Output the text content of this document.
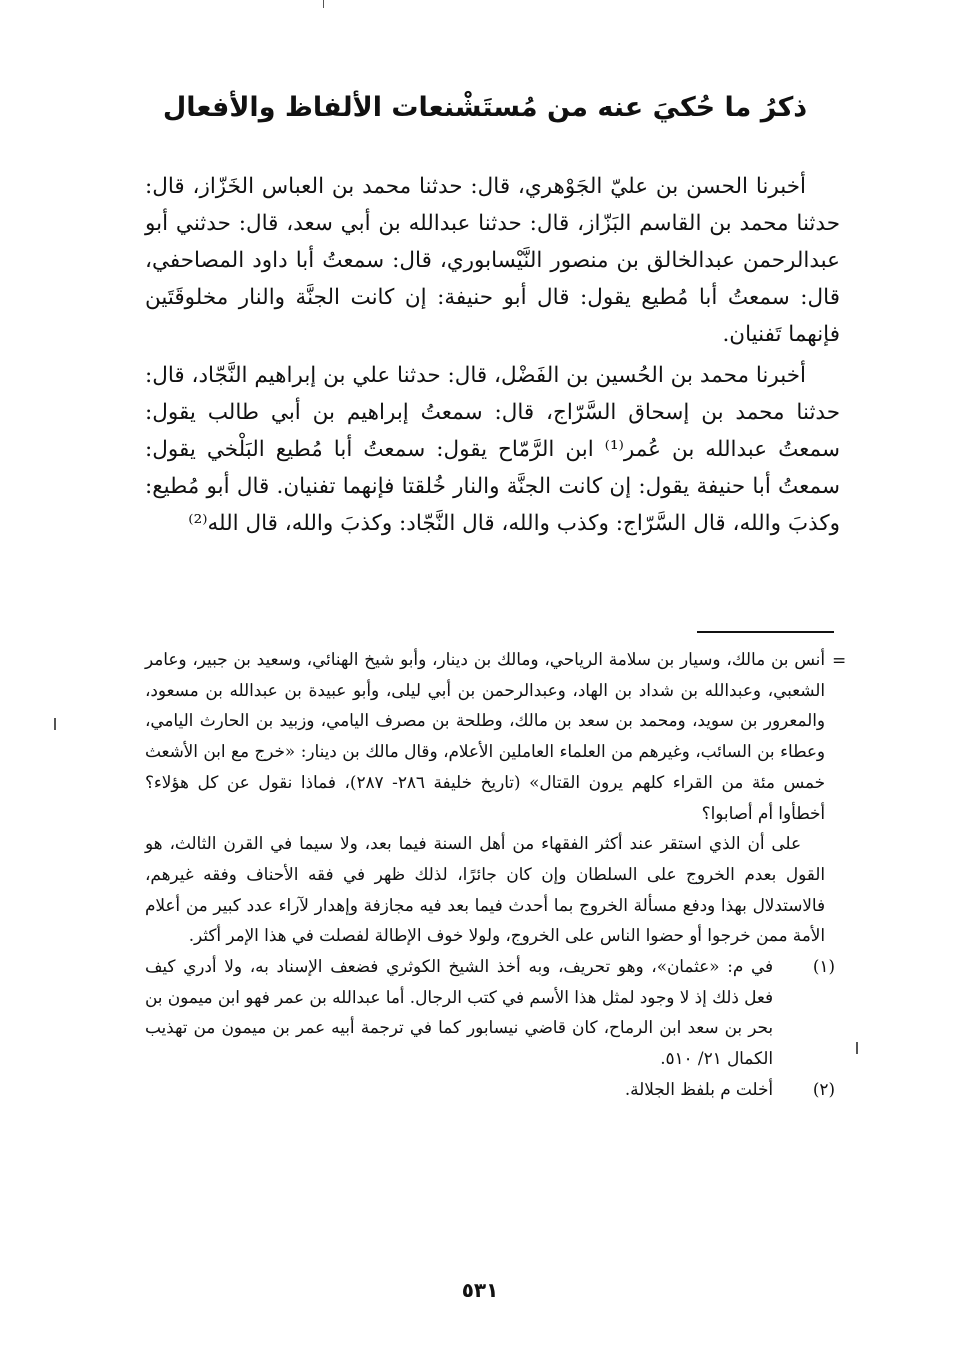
ذكرُ ما حُكيَ عنه من مُستَشْنعات الألفاظ والأفعال

أخبرنا الحسن بن عليّ الجَوْهري، قال: حدثنا محمد بن العباس الخَزّاز، قال: حدثنا محمد بن القاسم البَزّاز، قال: حدثنا عبدالله بن أبي سعد، قال: حدثني أبو عبدالرحمن عبدالخالق بن منصور النَّيْسابوري، قال: سمعتُ أبا داود المصاحفي، قال: سمعتُ أبا مُطيع يقول: قال أبو حنيفة: إن كانت الجنَّة والنار مخلوقَتَين فإنهما تَفنيان.

أخبرنا محمد بن الحُسين بن الفَضْل، قال: حدثنا علي بن إبراهيم النَّجّاد، قال: حدثنا محمد بن إسحاق السَّرّاج، قال: سمعتُ إبراهيم بن أبي طالب يقول: سمعتُ عبدالله بن عُمر⁽¹⁾ ابن الرَّمّاح يقول: سمعتُ أبا مُطيع البَلْخي يقول: سمعتُ أبا حنيفة يقول: إن كانت الجنَّة والنار خُلقتا فإنهما تفنيان. قال أبو مُطيع: وكذبَ والله، قال السَّرّاج: وكذب والله، قال النَّجّاد: وكذبَ والله، قال الله⁽²⁾

=

أنس بن مالك، وسيار بن سلامة الرياحي، ومالك بن دينار، وأبو شيخ الهنائي، وسعيد بن جبير، وعامر الشعبي، وعبدالله بن شداد بن الهاد، وعبدالرحمن بن أبي ليلى، وأبو عبيدة بن عبدالله بن مسعود، والمعرور بن سويد، ومحمد بن سعد بن مالك، وطلحة بن مصرف اليامي، وزبيد بن الحارث اليامي، وعطاء بن السائب، وغيرهم من العلماء العاملين الأعلام، وقال مالك بن دينار: «خرج مع ابن الأشعث خمس مئة من القراء كلهم يرون القتال» (تاريخ خليفة ٢٨٦- ٢٨٧)، فماذا نقول عن كل هؤلاء؟ أخطأوا أم أصابوا؟

على أن الذي استقر عند أكثر الفقهاء من أهل السنة فيما بعد، ولا سيما في القرن الثالث، هو القول بعدم الخروج على السلطان وإن كان جائرًا، لذلك ظهر في فقه الأحناف وفقه غيرهم، فالاستدلال بهذا ودفع مسألة الخروج بما أحدث فيما بعد فيه مجازفة وإهدار لآراء عدد كبير من أعلام الأمة ممن خرجوا أو حضوا الناس على الخروج، ولولا خوف الإطالة لفصلت في هذا الإمر أكثر.

(١)
في م: «عثمان»، وهو تحريف، وبه أخذ الشيخ الكوثري فضعف الإسناد به، ولا أدري كيف فعل ذلك إذ لا وجود لمثل هذا الأسم في كتب الرجال. أما عبدالله بن عمر فهو ابن ميمون بن بحر بن سعد ابن الرماح، كان قاضي نيسابور كما في ترجمة أبيه عمر بن ميمون من تهذيب الكمال ٢١/ ٥١٠.

(٢)
أخلت م بلفظ الجلالة.

٥٣١
